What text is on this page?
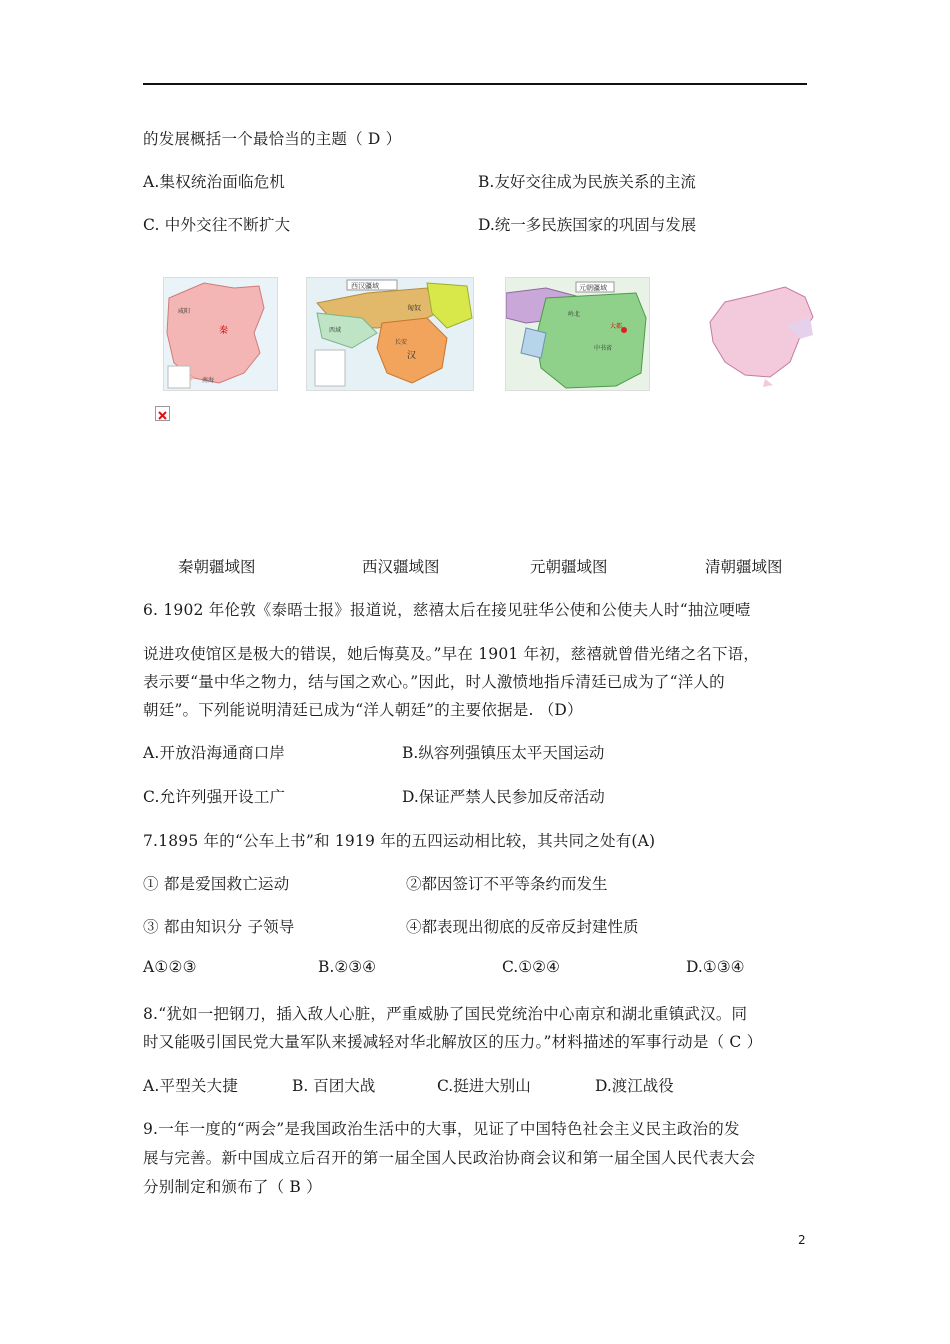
的发展概括一个最恰当的主题（ D ）
A.集权统治面临危机	B.友好交往成为民族关系的主流
C. 中外交往不断扩大	D.统一多民族国家的巩固与发展
咸阳
秦
南海
西汉疆域
匈奴
长安
汉
西域
元朝疆域
岭北
大都
中书省
秦朝疆域图	西汉疆域图	元朝疆域图	清朝疆域图
6. 1902 年伦敦《泰晤士报》报道说，慈禧太后在接见驻华公使和公使夫人时“抽泣哽噎
说进攻使馆区是极大的错误，她后悔莫及。”早在 1901 年初，慈禧就曾借光绪之名下语，
表示要“量中华之物力，结与国之欢心。”因此，时人激愤地指斥清廷已成为了“洋人的
朝廷”。下列能说明清廷已成为“洋人朝廷”的主要依据是. （D）
A.开放沿海通商口岸	B.纵容列强镇压太平天国运动
C.允许列强开设工广	D.保证严禁人民参加反帝活动
7.1895 年的“公车上书”和 1919 年的五四运动相比较，其共同之处有(A)
① 都是爱国救亡运动	②都因签订不平等条约而发生
③ 都由知识分 子领导	④都表现出彻底的反帝反封建性质
A①②③	B.②③④	C.①②④	D.①③④
8.“犹如一把钢刀，插入敌人心脏，严重威胁了国民党统治中心南京和湖北重镇武汉。同
时又能吸引国民党大量军队来援减轻对华北解放区的压力。”材料描述的军事行动是（ C ）
A.平型关大捷	B. 百团大战	C.挺进大别山	D.渡江战役
9.一年一度的“两会”是我国政治生活中的大事，见证了中国特色社会主义民主政治的发
展与完善。新中国成立后召开的第一届全国人民政治协商会议和第一届全国人民代表大会
分别制定和颁布了（ B ）
2
